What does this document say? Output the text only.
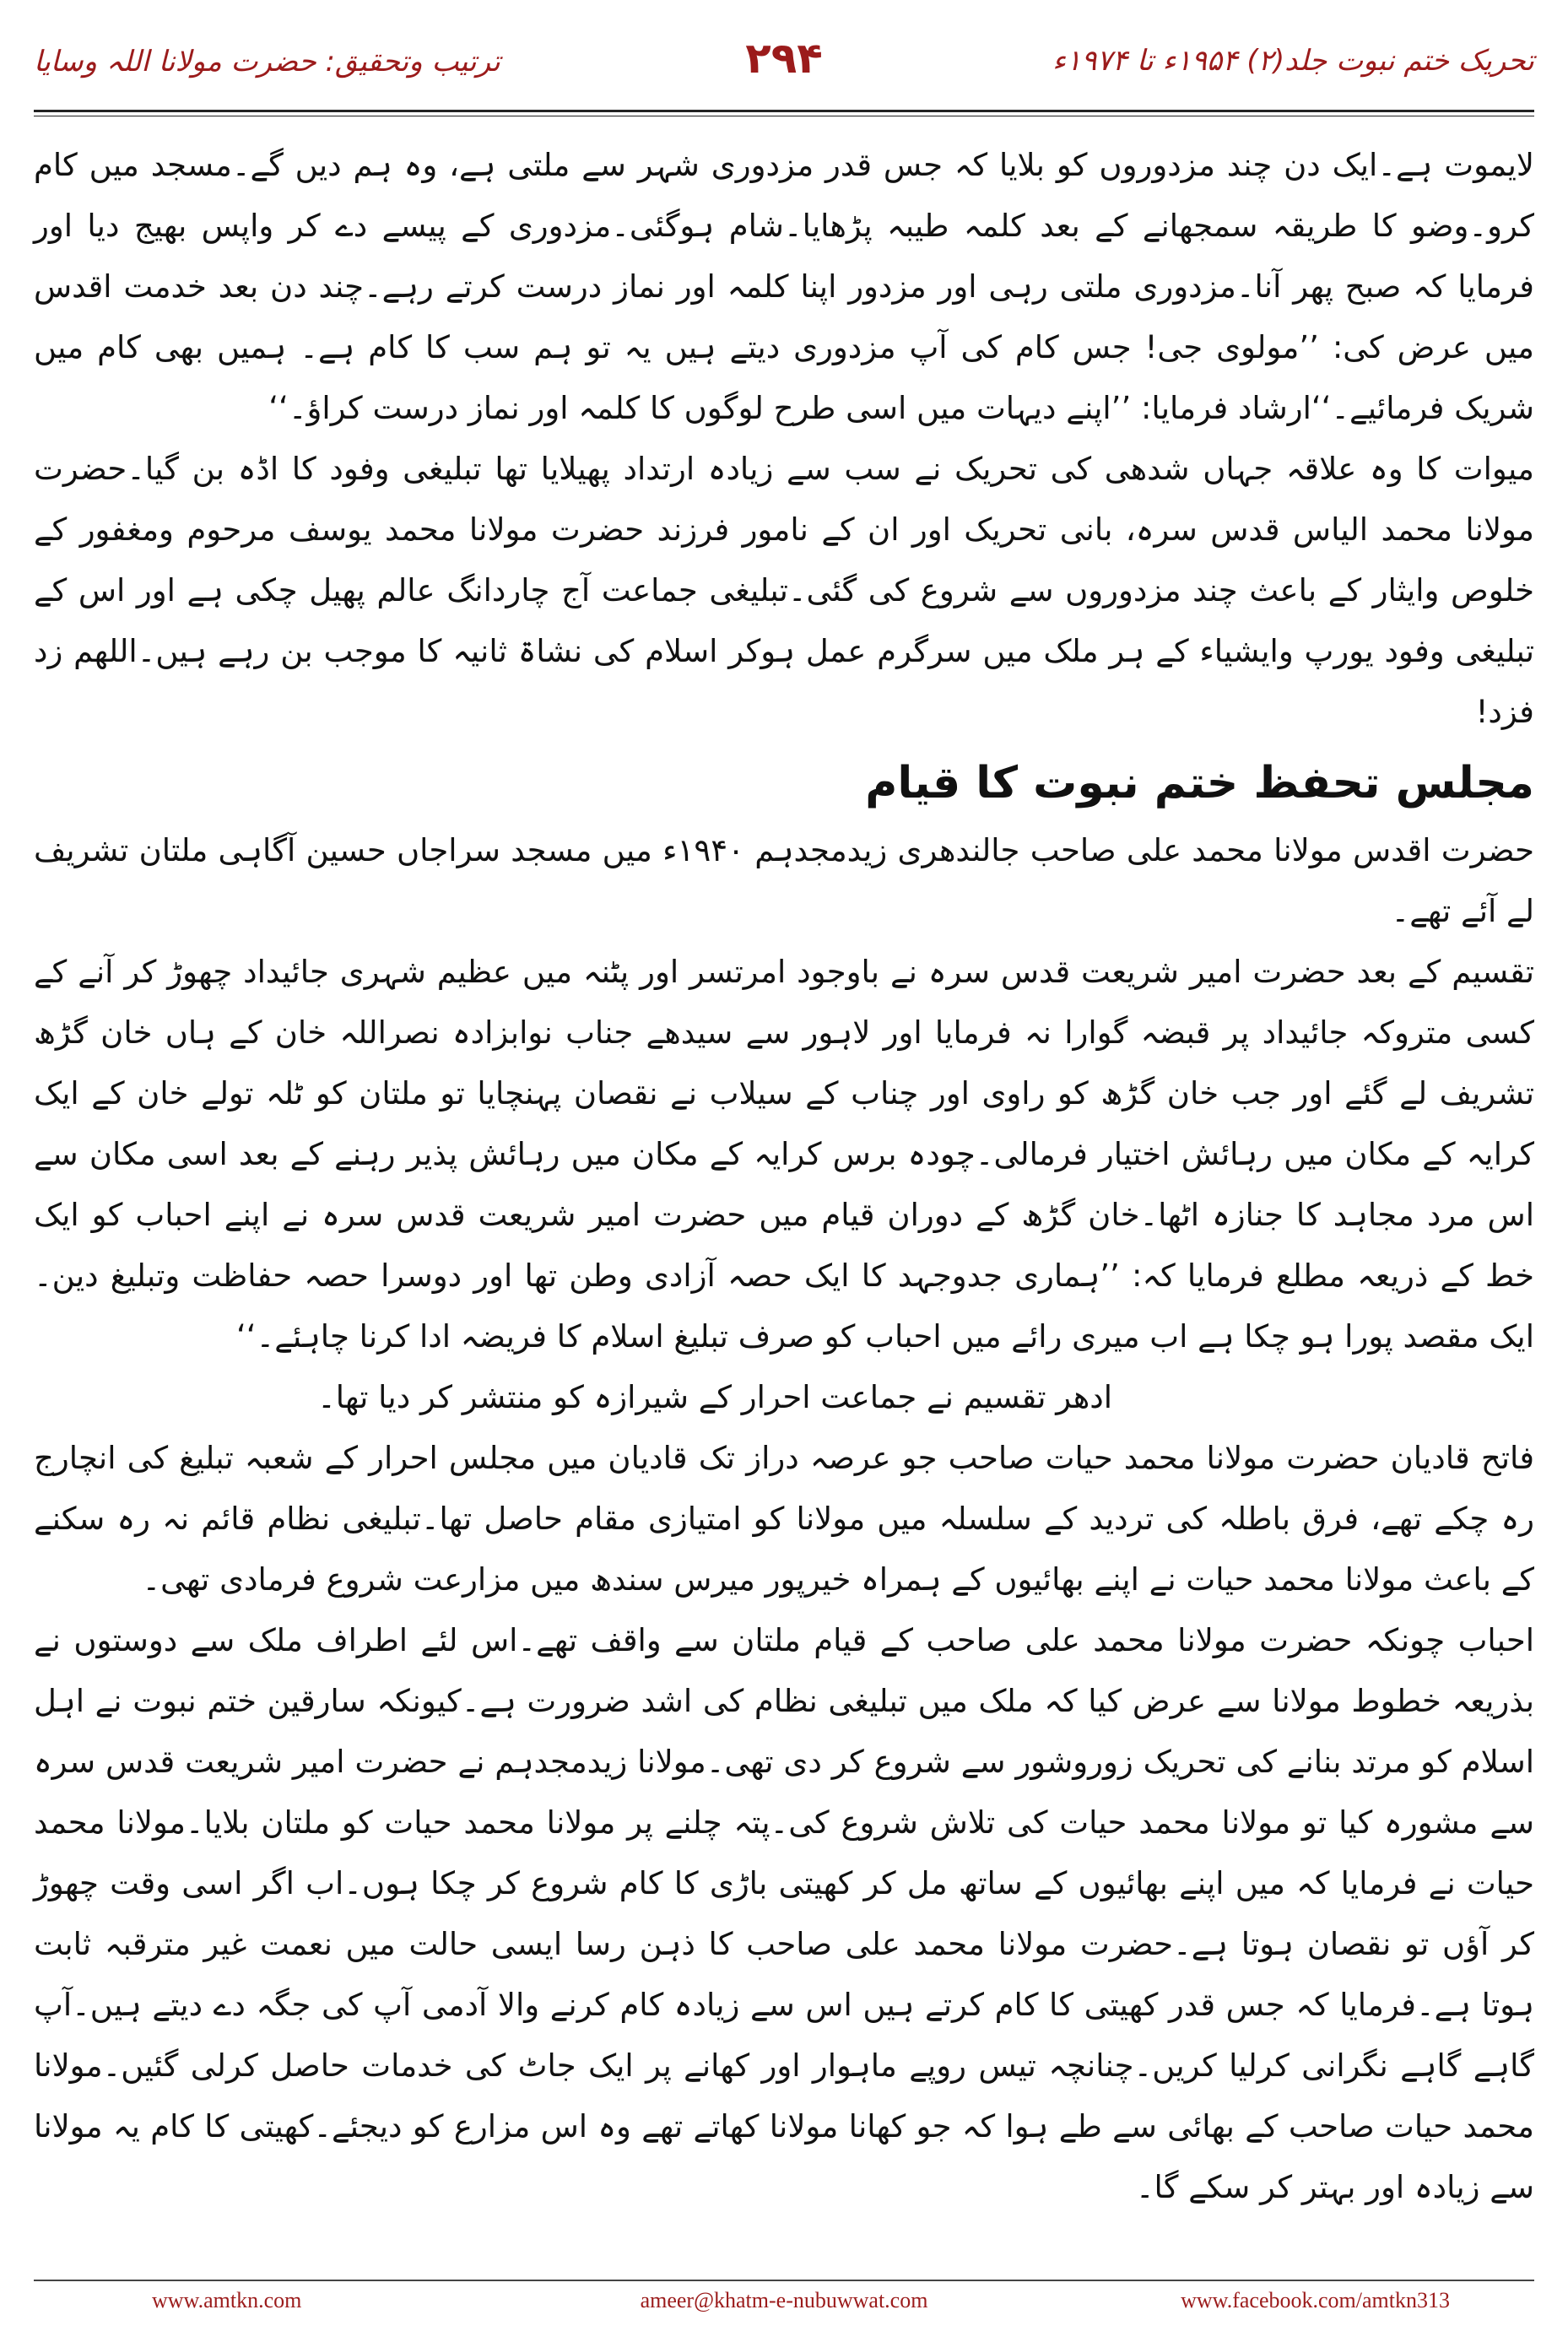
تحریک ختم نبوت جلد(۲) ۱۹۵۴ء تا ۱۹۷۴ء
۲۹۴
ترتیب وتحقیق: حضرت مولانا اللہ وسایا

لایموت ہے۔ایک دن چند مزدوروں کو بلایا کہ جس قدر مزدوری شہر سے ملتی ہے، وہ ہم دیں گے۔مسجد میں کام کرو۔وضو کا طریقہ سمجھانے کے بعد کلمہ طیبہ پڑھایا۔شام ہوگئی۔مزدوری کے پیسے دے کر واپس بھیج دیا اور فرمایا کہ صبح پھر آنا۔مزدوری ملتی رہی اور مزدور اپنا کلمہ اور نماز درست کرتے رہے۔چند دن بعد خدمت اقدس میں عرض کی: ’’مولوی جی! جس کام کی آپ مزدوری دیتے ہیں یہ تو ہم سب کا کام ہے۔ ہمیں بھی کام میں شریک فرمائیے۔‘‘ارشاد فرمایا: ’’اپنے دیہات میں اسی طرح لوگوں کا کلمہ اور نماز درست کراؤ۔‘‘

میوات کا وہ علاقہ جہاں شدھی کی تحریک نے سب سے زیادہ ارتداد پھیلایا تھا تبلیغی وفود کا اڈہ بن گیا۔حضرت مولانا محمد الیاس قدس سرہ، بانی تحریک اور ان کے نامور فرزند حضرت مولانا محمد یوسف مرحوم ومغفور کے خلوص وایثار کے باعث چند مزدوروں سے شروع کی گئی۔تبلیغی جماعت آج چاردانگ عالم پھیل چکی ہے اور اس کے تبلیغی وفود یورپ وایشیاء کے ہر ملک میں سرگرم عمل ہوکر اسلام کی نشاۃ ثانیہ کا موجب بن رہے ہیں۔اللھم زد فزد!

مجلس تحفظ ختم نبوت کا قیام

حضرت اقدس مولانا محمد علی صاحب جالندھری زیدمجدہم ۱۹۴۰ء میں مسجد سراجاں حسین آگاہی ملتان تشریف لے آئے تھے۔

تقسیم کے بعد حضرت امیر شریعت قدس سرہ نے باوجود امرتسر اور پٹنہ میں عظیم شہری جائیداد چھوڑ کر آنے کے کسی متروکہ جائیداد پر قبضہ گوارا نہ فرمایا اور لاہور سے سیدھے جناب نوابزادہ نصراللہ خان کے ہاں خان گڑھ تشریف لے گئے اور جب خان گڑھ کو راوی اور چناب کے سیلاب نے نقصان پہنچایا تو ملتان کو ٹلہ تولے خان کے ایک کرایہ کے مکان میں رہائش اختیار فرمالی۔چودہ برس کرایہ کے مکان میں رہائش پذیر رہنے کے بعد اسی مکان سے اس مرد مجاہد کا جنازہ اٹھا۔خان گڑھ کے دوران قیام میں حضرت امیر شریعت قدس سرہ نے اپنے احباب کو ایک خط کے ذریعہ مطلع فرمایا کہ: ’’ہماری جدوجہد کا ایک حصہ آزادی وطن تھا اور دوسرا حصہ حفاظت وتبلیغ دین۔ایک مقصد پورا ہو چکا ہے اب میری رائے میں احباب کو صرف تبلیغ اسلام کا فریضہ ادا کرنا چاہئے۔‘‘

ادھر تقسیم نے جماعت احرار کے شیرازہ کو منتشر کر دیا تھا۔

فاتح قادیان حضرت مولانا محمد حیات صاحب جو عرصہ دراز تک قادیان میں مجلس احرار کے شعبہ تبلیغ کی انچارج رہ چکے تھے، فرق باطلہ کی تردید کے سلسلہ میں مولانا کو امتیازی مقام حاصل تھا۔تبلیغی نظام قائم نہ رہ سکنے کے باعث مولانا محمد حیات نے اپنے بھائیوں کے ہمراہ خیرپور میرس سندھ میں مزارعت شروع فرمادی تھی۔

احباب چونکہ حضرت مولانا محمد علی صاحب کے قیام ملتان سے واقف تھے۔اس لئے اطراف ملک سے دوستوں نے بذریعہ خطوط مولانا سے عرض کیا کہ ملک میں تبلیغی نظام کی اشد ضرورت ہے۔کیونکہ سارقین ختم نبوت نے اہل اسلام کو مرتد بنانے کی تحریک زوروشور سے شروع کر دی تھی۔مولانا زیدمجدہم نے حضرت امیر شریعت قدس سرہ سے مشورہ کیا تو مولانا محمد حیات کی تلاش شروع کی۔پتہ چلنے پر مولانا محمد حیات کو ملتان بلایا۔مولانا محمد حیات نے فرمایا کہ میں اپنے بھائیوں کے ساتھ مل کر کھیتی باڑی کا کام شروع کر چکا ہوں۔اب اگر اسی وقت چھوڑ کر آؤں تو نقصان ہوتا ہے۔حضرت مولانا محمد علی صاحب کا ذہن رسا ایسی حالت میں نعمت غیر مترقبہ ثابت ہوتا ہے۔فرمایا کہ جس قدر کھیتی کا کام کرتے ہیں اس سے زیادہ کام کرنے والا آدمی آپ کی جگہ دے دیتے ہیں۔آپ گاہے گاہے نگرانی کرلیا کریں۔چنانچہ تیس روپے ماہوار اور کھانے پر ایک جاٹ کی خدمات حاصل کرلی گئیں۔مولانا محمد حیات صاحب کے بھائی سے طے ہوا کہ جو کھانا مولانا کھاتے تھے وہ اس مزارع کو دیجئے۔کھیتی کا کام یہ مولانا سے زیادہ اور بہتر کر سکے گا۔

www.amtkn.com	ameer@khatm-e-nubuwwat.com	www.facebook.com/amtkn313
